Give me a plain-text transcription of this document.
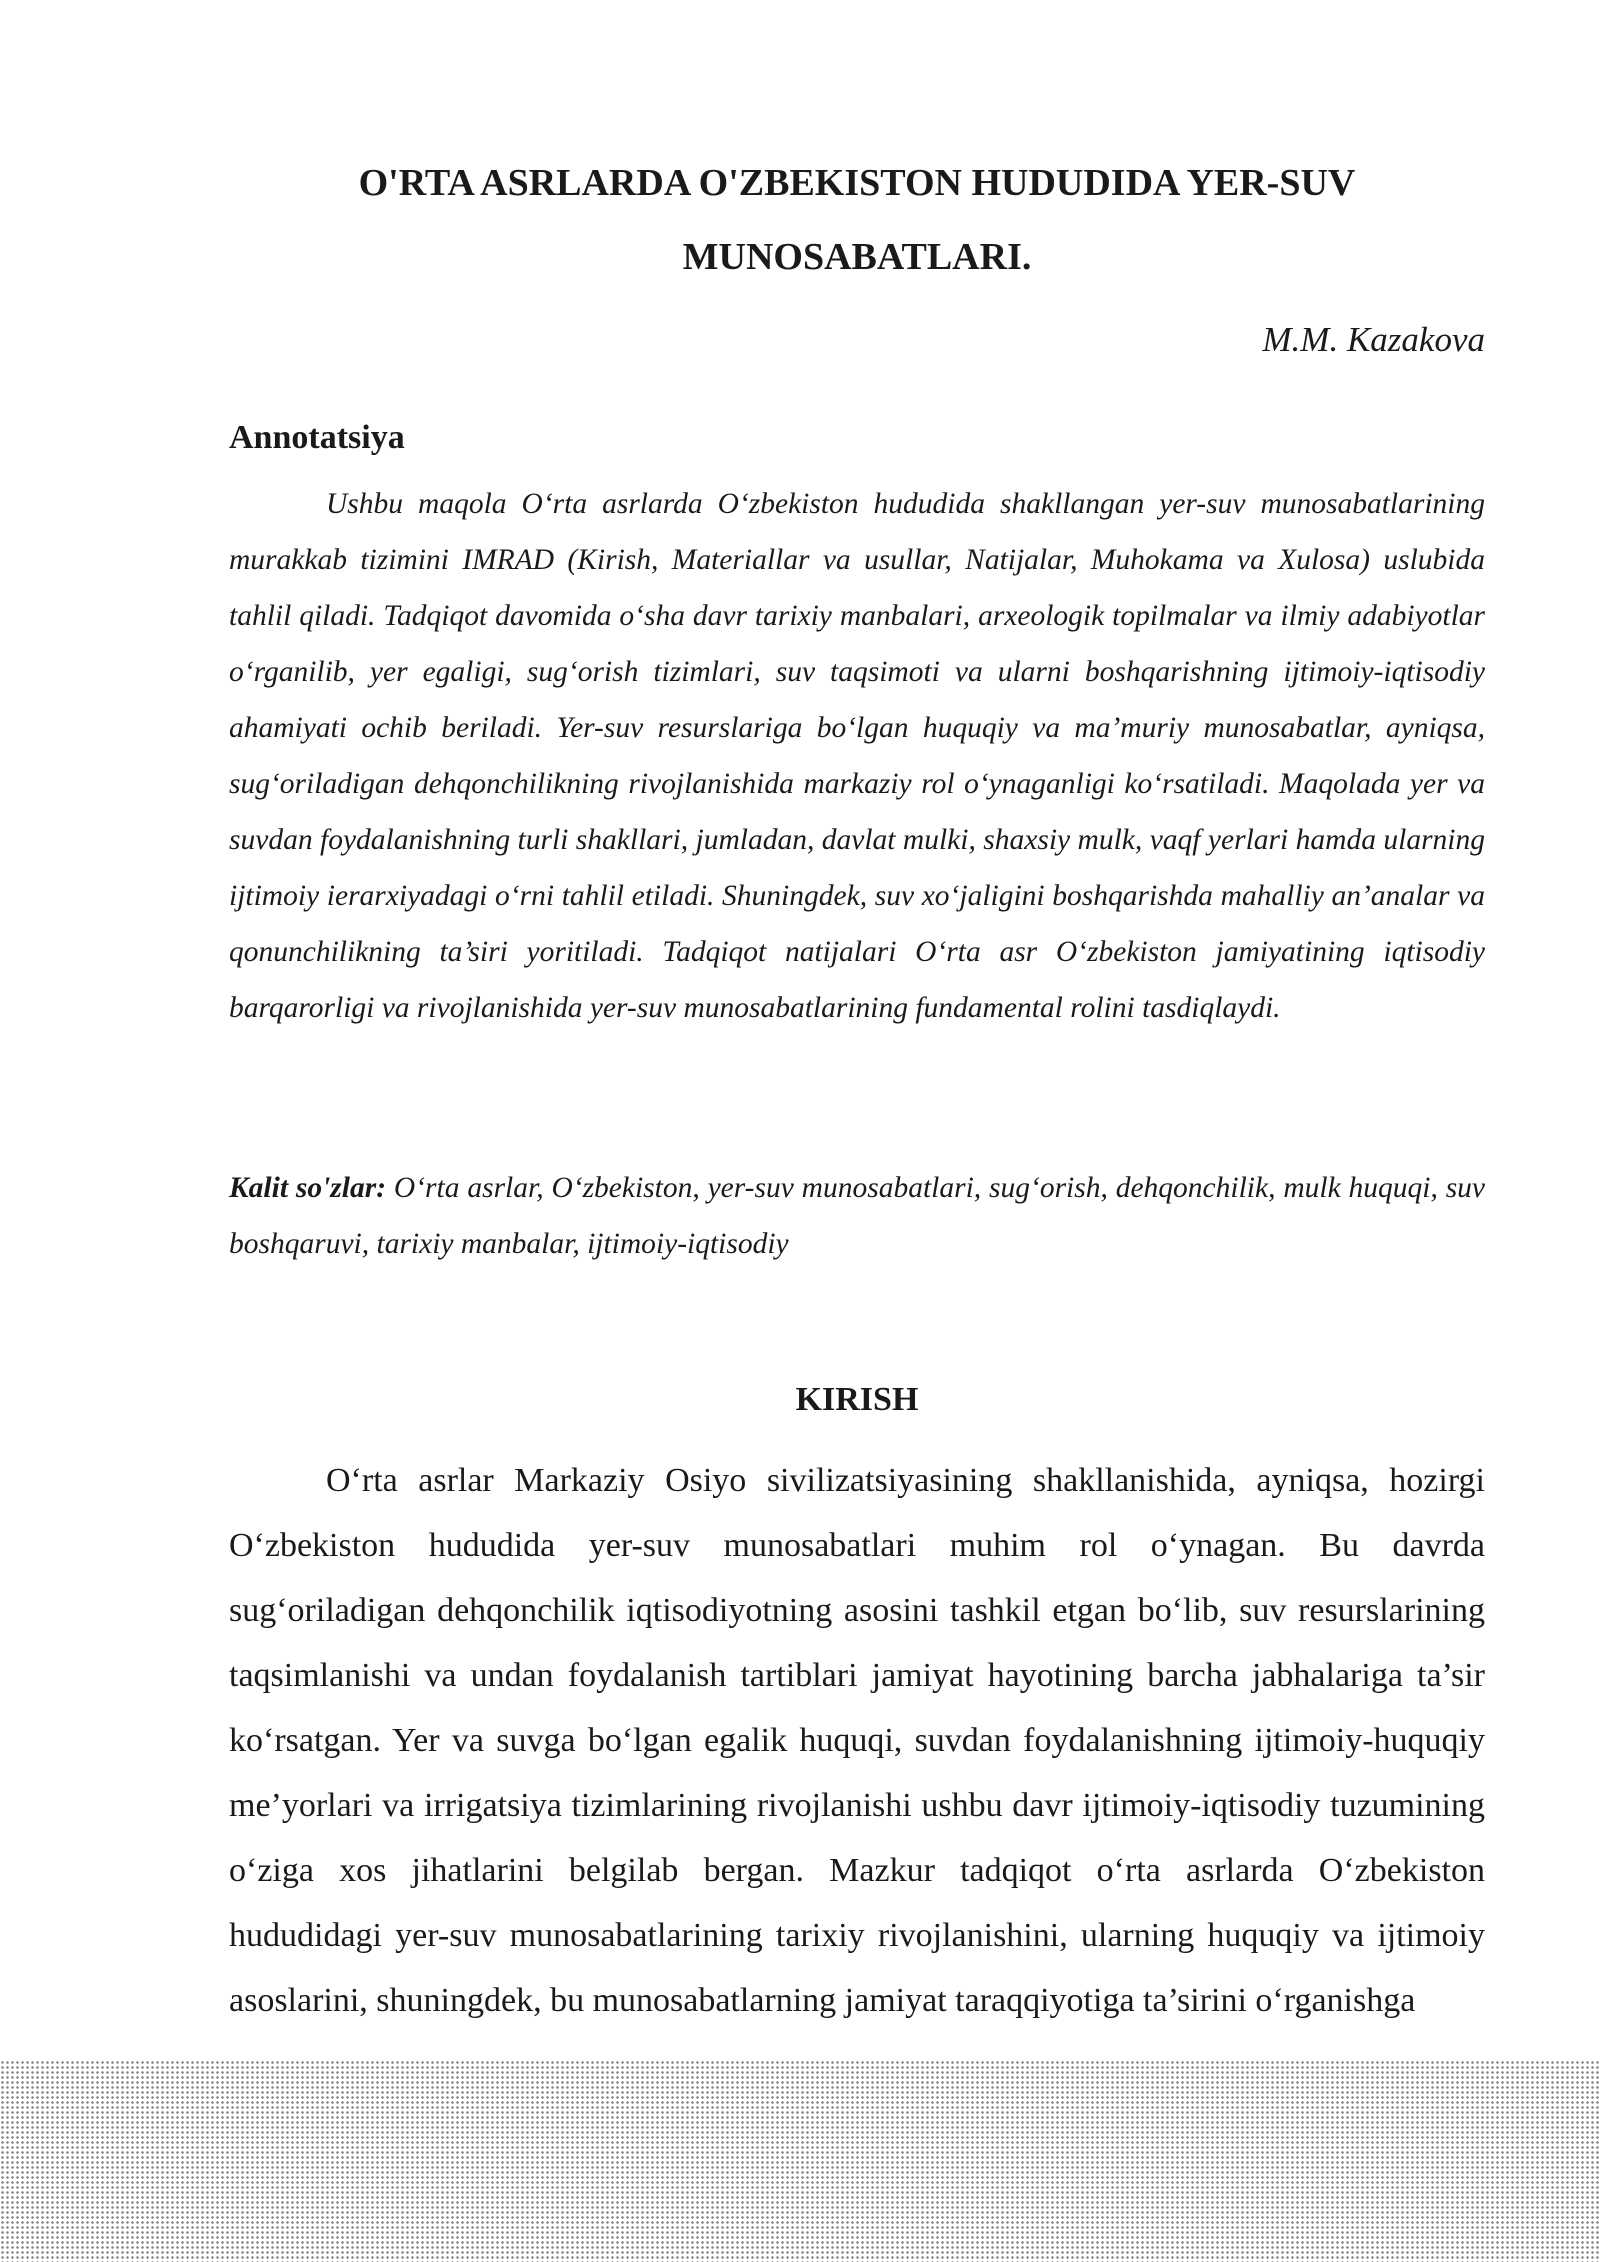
O'RTA ASRLARDA O'ZBEKISTON HUDUDIDA YER-SUV MUNOSABATLARI.

M.M. Kazakova

Annotatsiya

Ushbu maqola O‘rta asrlarda O‘zbekiston hududida shakllangan yer-suv munosabatlarining murakkab tizimini IMRAD (Kirish, Materiallar va usullar, Natijalar, Muhokama va Xulosa) uslubida tahlil qiladi. Tadqiqot davomida o‘sha davr tarixiy manbalari, arxeologik topilmalar va ilmiy adabiyotlar o‘rganilib, yer egaligi, sug‘orish tizimlari, suv taqsimoti va ularni boshqarishning ijtimoiy-iqtisodiy ahamiyati ochib beriladi. Yer-suv resurslariga bo‘lgan huquqiy va ma’muriy munosabatlar, ayniqsa, sug‘oriladigan dehqonchilikning rivojlanishida markaziy rol o‘ynaganligi ko‘rsatiladi. Maqolada yer va suvdan foydalanishning turli shakllari, jumladan, davlat mulki, shaxsiy mulk, vaqf yerlari hamda ularning ijtimoiy ierarxiyadagi o‘rni tahlil etiladi. Shuningdek, suv xo‘jaligini boshqarishda mahalliy an’analar va qonunchilikning ta’siri yoritiladi. Tadqiqot natijalari O‘rta asr O‘zbekiston jamiyatining iqtisodiy barqarorligi va rivojlanishida yer-suv munosabatlarining fundamental rolini tasdiqlaydi.

Kalit so'zlar: O‘rta asrlar, O‘zbekiston, yer-suv munosabatlari, sug‘orish, dehqonchilik, mulk huquqi, suv boshqaruvi, tarixiy manbalar, ijtimoiy-iqtisodiy

KIRISH

O‘rta asrlar Markaziy Osiyo sivilizatsiyasining shakllanishida, ayniqsa, hozirgi O‘zbekiston hududida yer-suv munosabatlari muhim rol o‘ynagan. Bu davrda sug‘oriladigan dehqonchilik iqtisodiyotning asosini tashkil etgan bo‘lib, suv resurslarining taqsimlanishi va undan foydalanish tartiblari jamiyat hayotining barcha jabhalariga ta’sir ko‘rsatgan. Yer va suvga bo‘lgan egalik huquqi, suvdan foydalanishning ijtimoiy-huquqiy me’yorlari va irrigatsiya tizimlarining rivojlanishi ushbu davr ijtimoiy-iqtisodiy tuzumining o‘ziga xos jihatlarini belgilab bergan. Mazkur tadqiqot o‘rta asrlarda O‘zbekiston hududidagi yer-suv munosabatlarining tarixiy rivojlanishini, ularning huquqiy va ijtimoiy asoslarini, shuningdek, bu munosabatlarning jamiyat taraqqiyotiga ta’sirini o‘rganishga
